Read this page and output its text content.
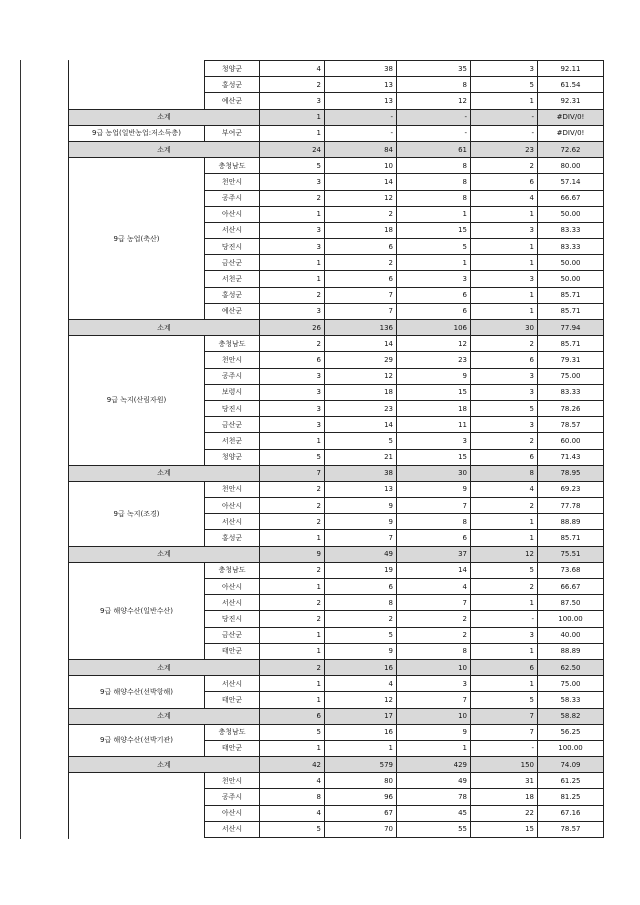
	청양군	4	38	35	3	92.11
	홍성군	2	13	8	5	61.54
	예산군	3	13	12	1	92.31
소계		1	-	-	-	#DIV/0!
9급 농업(일반농업:저소득층)	부여군	1	-	-	-	#DIV/0!
소계		24	84	61	23	72.62
9급 농업(축산)	충청남도	5	10	8	2	80.00
	천안시	3	14	8	6	57.14
	공주시	2	12	8	4	66.67
	아산시	1	2	1	1	50.00
	서산시	3	18	15	3	83.33
	당진시	3	6	5	1	83.33
	금산군	1	2	1	1	50.00
	서천군	1	6	3	3	50.00
	홍성군	2	7	6	1	85.71
	예산군	3	7	6	1	85.71
소계		26	136	106	30	77.94
9급 녹지(산림자원)	충청남도	2	14	12	2	85.71
	천안시	6	29	23	6	79.31
	공주시	3	12	9	3	75.00
	보령시	3	18	15	3	83.33
	당진시	3	23	18	5	78.26
	금산군	3	14	11	3	78.57
	서천군	1	5	3	2	60.00
	청양군	5	21	15	6	71.43
소계		7	38	30	8	78.95
9급 녹지(조경)	천안시	2	13	9	4	69.23
	아산시	2	9	7	2	77.78
	서산시	2	9	8	1	88.89
	홍성군	1	7	6	1	85.71
소계		9	49	37	12	75.51
9급 해양수산(일반수산)	충청남도	2	19	14	5	73.68
	아산시	1	6	4	2	66.67
	서산시	2	8	7	1	87.50
	당진시	2	2	2	-	100.00
	금산군	1	5	2	3	40.00
	태안군	1	9	8	1	88.89
소계		2	16	10	6	62.50
9급 해양수산(선박항해)	서산시	1	4	3	1	75.00
	태안군	1	12	7	5	58.33
소계		6	17	10	7	58.82
9급 해양수산(선박기관)	충청남도	5	16	9	7	56.25
	태안군	1	1	1	-	100.00
소계		42	579	429	150	74.09
	천안시	4	80	49	31	61.25
	공주시	8	96	78	18	81.25
	아산시	4	67	45	22	67.16
	서산시	5	70	55	15	78.57
